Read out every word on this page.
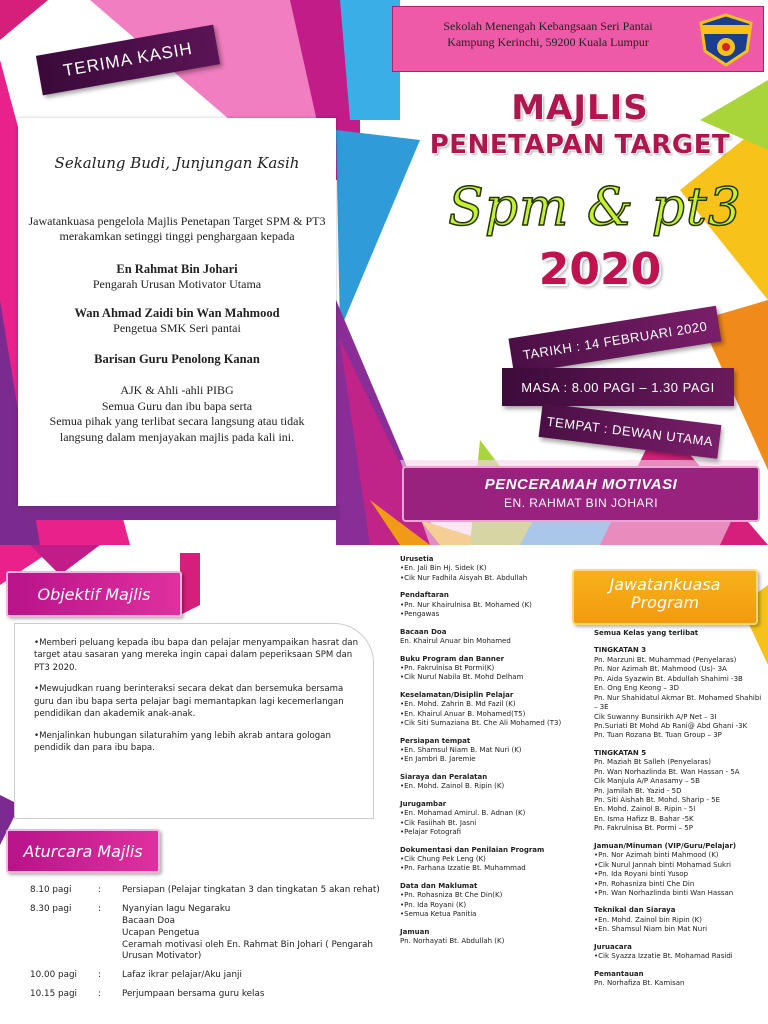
TERIMA KASIH
Sekalung Budi, Junjungan Kasih
Jawatankuasa pengelola Majlis Penetapan Target SPM & PT3 merakamkan setinggi tinggi penghargaan kepada
En Rahmat Bin Johari
Pengarah Urusan Motivator Utama
Wan Ahmad Zaidi bin Wan Mahmood
Pengetua SMK Seri pantai
Barisan Guru Penolong Kanan
AJK & Ahli -ahli PIBG
Semua Guru dan ibu bapa serta
Semua pihak yang terlibat secara langsung atau tidak langsung dalam menjayakan majlis pada kali ini.
Sekolah Menengah Kebangsaan Seri Pantai
Kampung Kerinchi, 59200 Kuala Lumpur
MAJLIS
PENETAPAN TARGET
Spm & pt3
2020
TARIKH : 14 FEBRUARI 2020
MASA : 8.00 PAGI – 1.30 PAGI
TEMPAT : DEWAN UTAMA
PENCERAMAH MOTIVASI
EN. RAHMAT BIN JOHARI
Objektif Majlis

•Memberi peluang kepada ibu bapa dan pelajar menyampaikan hasrat dan target atau sasaran yang mereka ingin capai dalam peperiksaan SPM dan PT3 2020.

•Mewujudkan ruang berinteraksi secara dekat dan bersemuka bersama guru dan ibu bapa serta pelajar bagi memantapkan lagi kecemerlangan pendidikan dan akademik anak-anak.

•Menjalinkan hubungan silaturahim yang lebih akrab antara gologan pendidik dan para ibu bapa.

Aturcara Majlis
8.10 pagi	:	Persiapan (Pelajar tingkatan 3 dan tingkatan 5 akan rehat)
8.30 pagi	:	Nyanyian lagu Negaraku
Bacaan Doa
Ucapan Pengetua
Ceramah motivasi oleh En. Rahmat Bin Johari ( Pengarah Urusan Motivator)
10.00 pagi	:	Lafaz ikrar pelajar/Aku janji
10.15 pagi	:	Perjumpaan bersama guru kelas
Urusetia
•En. Jali Bin Hj. Sidek (K)
•Cik Nur Fadhila Aisyah Bt. Abdullah
Pendaftaran
•Pn. Nur Khairulnisa Bt. Mohamed (K)
•Pengawas
Bacaan Doa
En. Khairul Anuar bin Mohamed
Buku Program dan Banner
•Pn. Fakrulnisa Bt Pormi(K)
•Cik Nurul Nabila Bt. Mohd Delham
Keselamatan/Disiplin Pelajar
•En. Mohd. Zahrin B. Md Fazil (K)
•En. Khairul Anuar B. Mohamed(T5)
•Cik Siti Sumaziana Bt. Che Ali Mohamed (T3)
Persiapan tempat
•En. Shamsul Niam B. Mat Nuri (K)
•En Jambri B. Jaremie
Siaraya dan Peralatan
•En. Mohd. Zainol B. Ripin (K)
Jurugambar
•En. Mohamad Amirul. B. Adnan (K)
•Cik Fasiihah Bt. Jasni
•Pelajar Fotografi
Dokumentasi dan Penilaian Program
•Cik Chung Pek Leng (K)
•Pn. Farhana Izzatie Bt. Muhammad
Data dan Maklumat
•Pn. Rohasniza Bt Che Din(K)
•Pn. Ida Royani (K)
•Semua Ketua Panitia
Jamuan
Pn. Norhayati Bt. Abdullah (K)
Jawatankuasa
Program
Semua Kelas yang terlibat
TINGKATAN 3
Pn. Marzuni Bt. Muhammad (Penyelaras)
Pn. Nor Azimah Bt. Mahmood (Us)- 3A
Pn. Aida Syazwin Bt. Abdullah Shahimi -3B
En. Ong Eng Keong – 3D
Pn. Nur Shahidatul Akmar Bt. Mohamed Shahibi – 3E
Cik Suwanny Bunsirikh A/P Net – 3I
Pn.Suriati Bt Mohd Ab Rani@ Abd Ghani -3K
Pn. Tuan Rozana Bt. Tuan Group – 3P
TINGKATAN 5
Pn. Maziah Bt Salleh (Penyelaras)
Pn. Wan Norhazlinda Bt. Wan Hassan - 5A
Cik Manjula A/P Anasamy – 5B
Pn. Jamilah Bt. Yazid - 5D
Pn. Siti Aishah Bt. Mohd. Sharip - 5E
En. Mohd. Zainol B. Ripin - 5I
En. Isma Hafizz B. Bahar -5K
Pn. Fakrulnisa Bt. Pormi – 5P
Jamuan/Minuman (VIP/Guru/Pelajar)
•Pn. Nor Azimah binti Mahmood (K)
•Cik Nurul Jannah binti Mohamad Sukri
•Pn. Ida Royani binti Yusop
•Pn. Rohasniza binti Che Din
•Pn. Wan Norhazlinda binti Wan Hassan
Teknikal dan Siaraya
•En. Mohd. Zainol bin Ripin (K)
•En. Shamsul Niam bin Mat Nuri
Juruacara
•Cik Syazza Izzatie Bt. Mohamad Rasidi
Pemantauan
Pn. Norhafiza Bt. Kamisan
